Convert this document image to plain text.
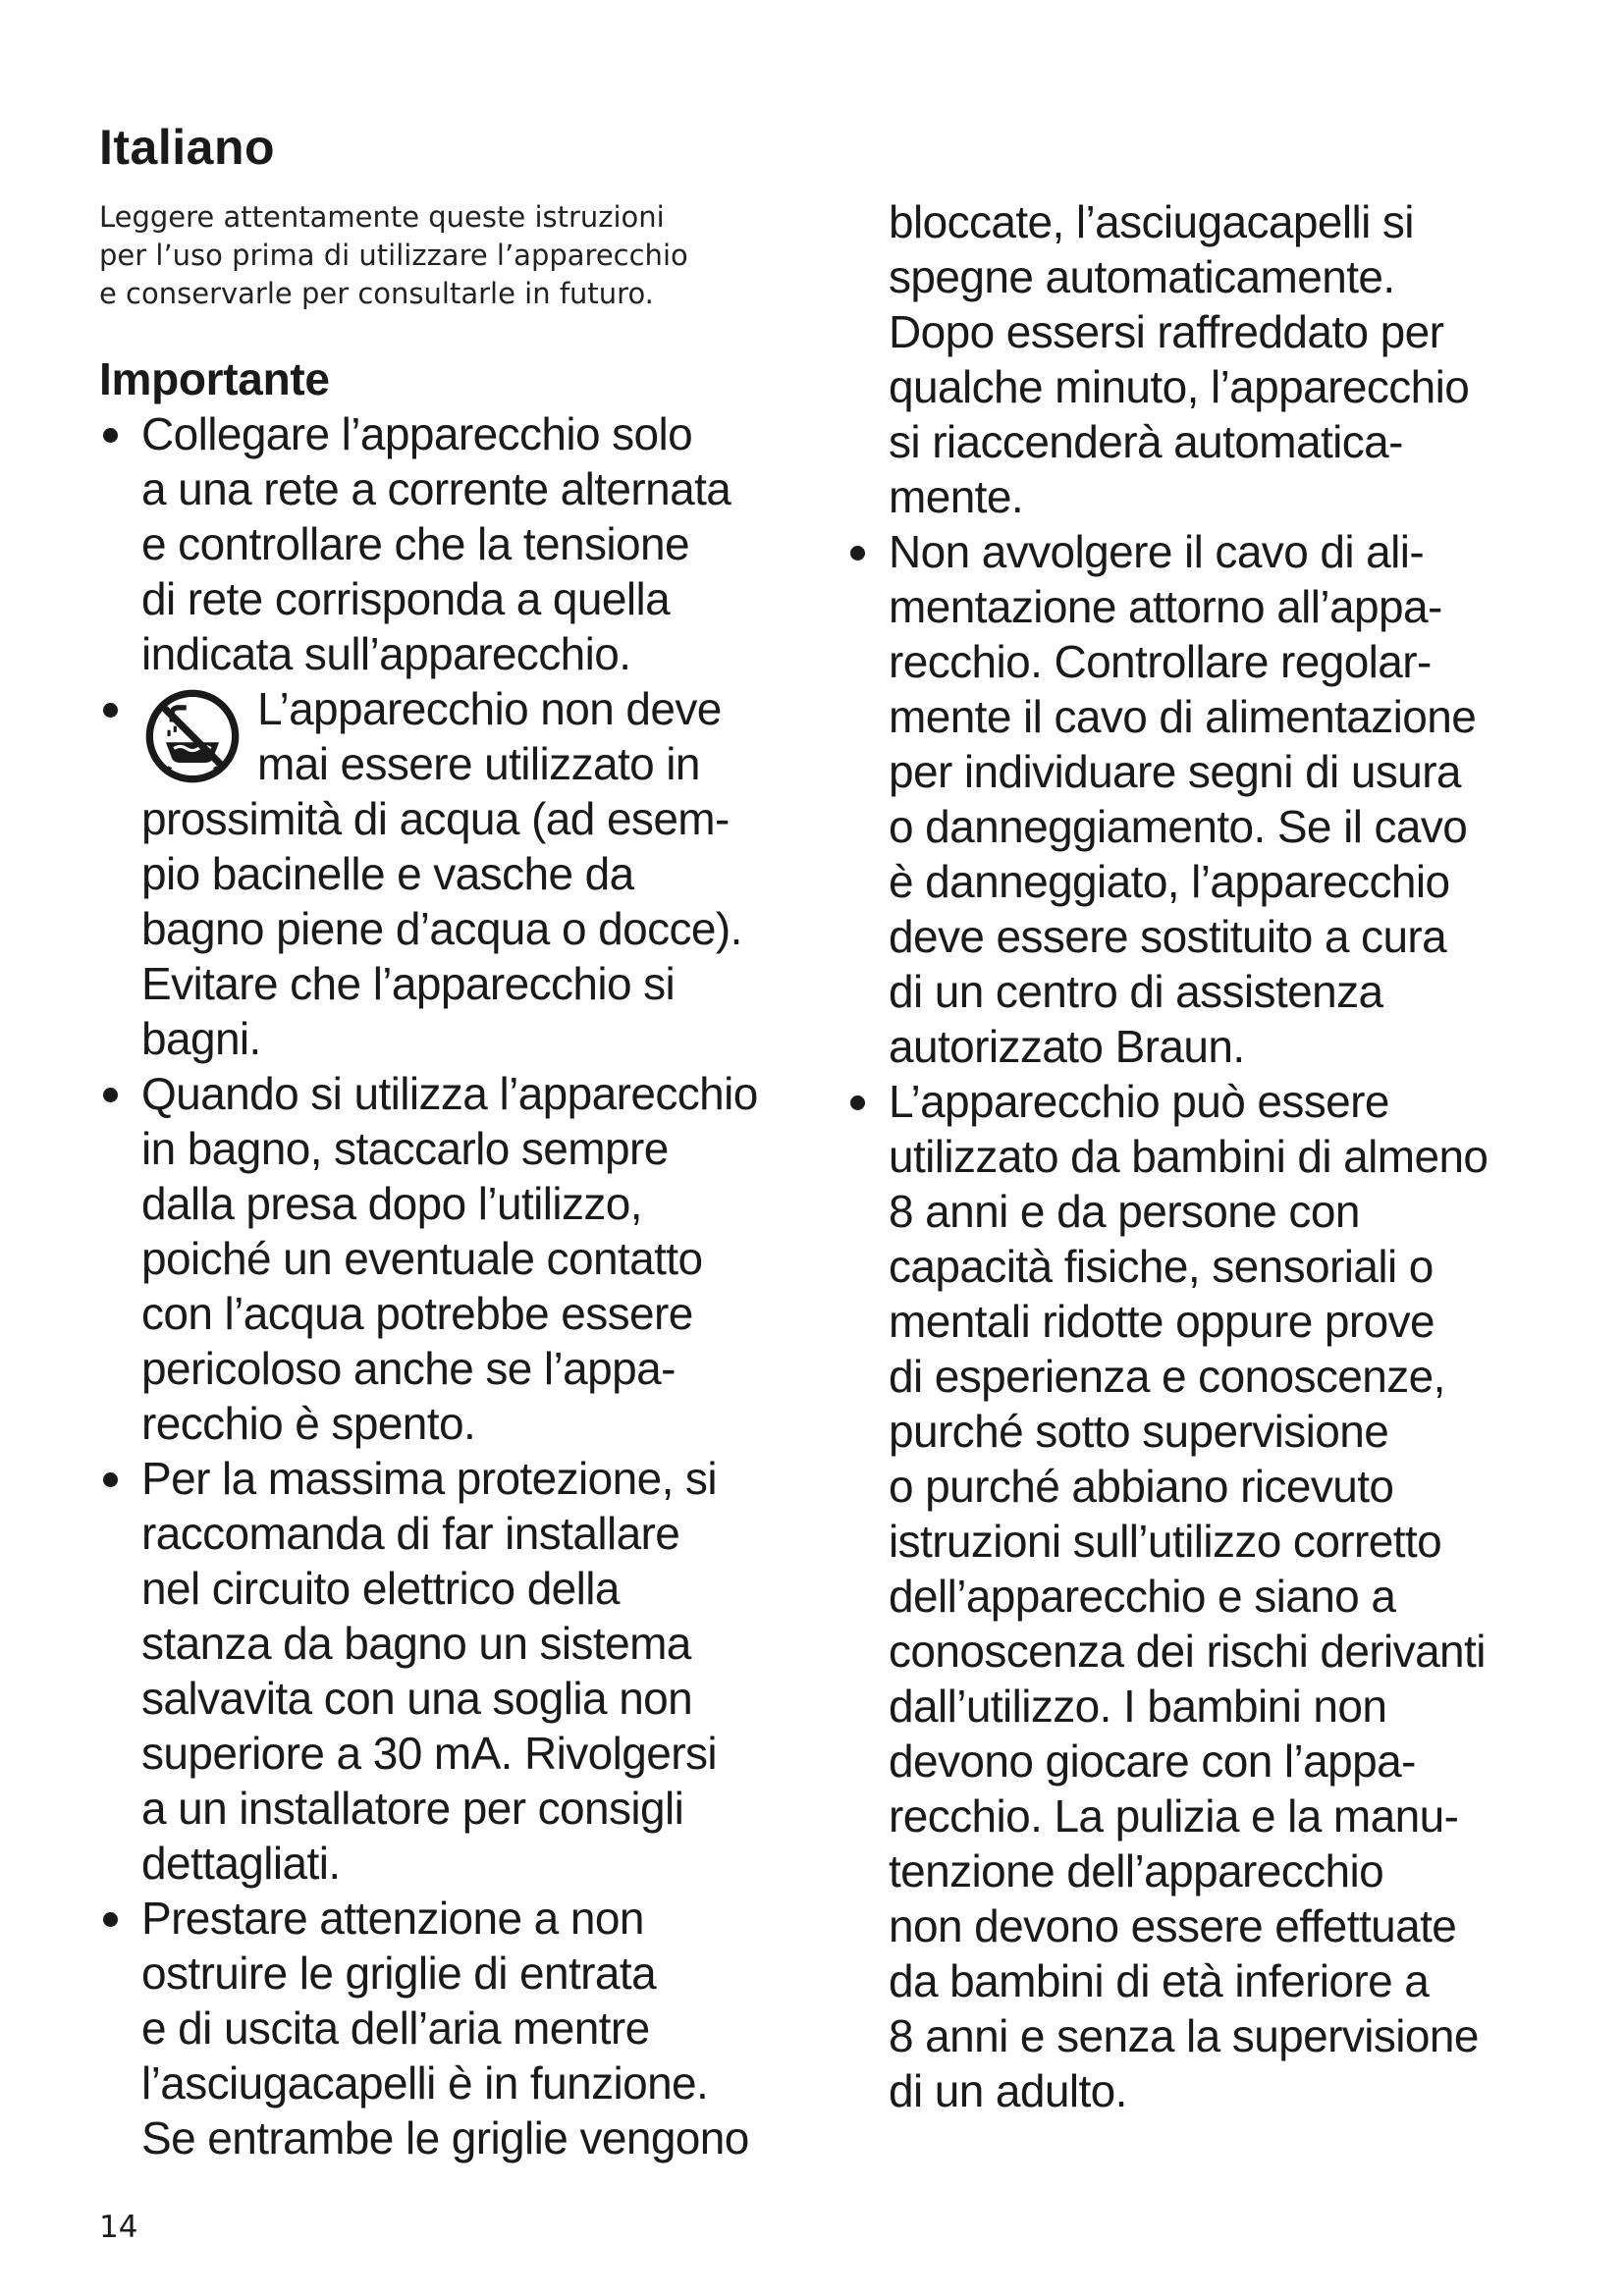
Italiano
Leggere attentamente queste istruzioni
per l’uso prima di utilizzare l’apparecchio
e conservarle per consultarle in futuro.
Importante
Collegare l’apparecchio solo
a una rete a corrente alternata
e controllare che la tensione
di rete corrisponda a quella
indicata sull’apparecchio.
L’apparecchio non deve
mai essere utilizzato in
prossimità di acqua (ad esem-
pio bacinelle e vasche da
bagno piene d’acqua o docce).
Evitare che l’apparecchio si
bagni.
Quando si utilizza l’apparecchio
in bagno, staccarlo sempre
dalla presa dopo l’utilizzo,
poiché un eventuale contatto
con l’acqua potrebbe essere
pericoloso anche se l’appa-
recchio è spento.
Per la massima protezione, si
raccomanda di far installare
nel circuito elettrico della
stanza da bagno un sistema
salvavita con una soglia non
superiore a 30 mA. Rivolgersi
a un installatore per consigli
dettagliati.
Prestare attenzione a non
ostruire le griglie di entrata
e di uscita dell’aria mentre
l’asciugacapelli è in funzione.
Se entrambe le griglie vengono
bloccate, l’asciugacapelli si
spegne automaticamente.
Dopo essersi raffreddato per
qualche minuto, l’apparecchio
si riaccenderà automatica-
mente.
Non avvolgere il cavo di ali-
mentazione attorno all’appa-
recchio. Controllare regolar-
mente il cavo di alimentazione
per individuare segni di usura
o danneggiamento. Se il cavo
è danneggiato, l’apparecchio
deve essere sostituito a cura
di un centro di assistenza
autorizzato Braun.
L’apparecchio può essere
utilizzato da bambini di almeno
8 anni e da persone con
capacità fisiche, sensoriali o
mentali ridotte oppure prove
di esperienza e conoscenze,
purché sotto supervisione
o purché abbiano ricevuto
istruzioni sull’utilizzo corretto
dell’apparecchio e siano a
conoscenza dei rischi derivanti
dall’utilizzo. I bambini non
devono giocare con l’appa-
recchio. La pulizia e la manu-
tenzione dell’apparecchio
non devono essere effettuate
da bambini di età inferiore a
8 anni e senza la supervisione
di un adulto.
14
